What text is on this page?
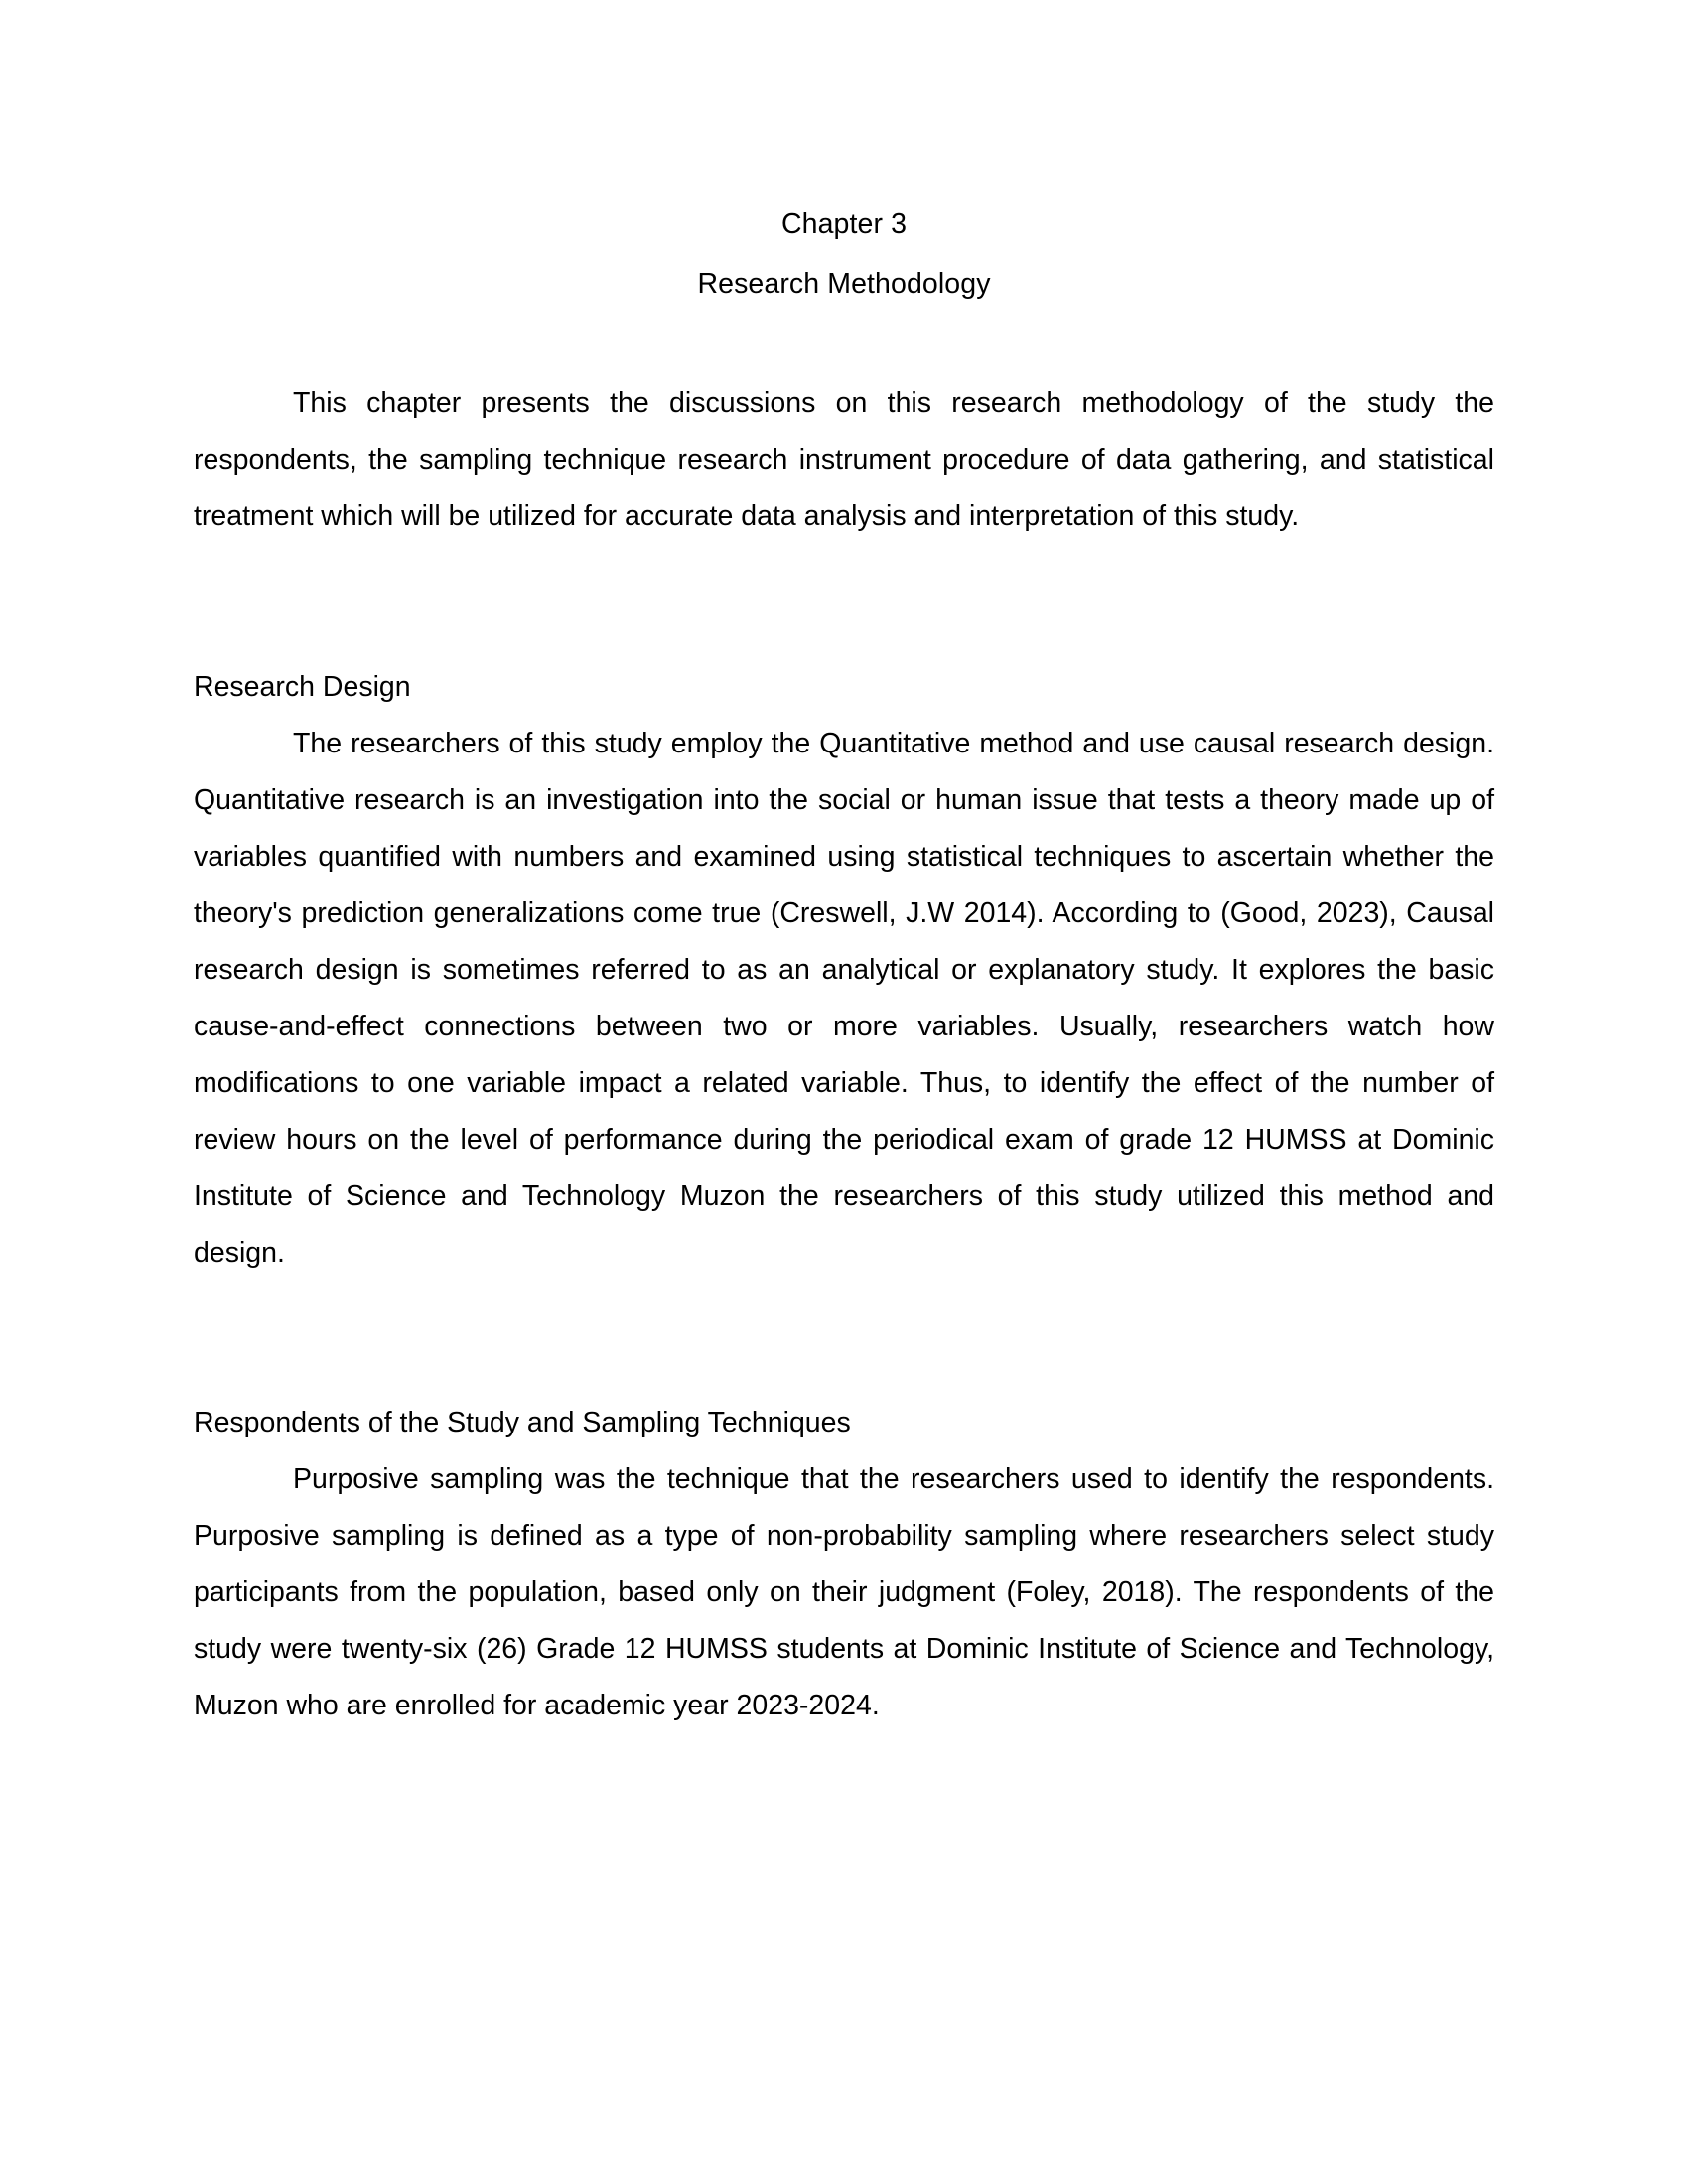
Chapter 3
Research Methodology

This chapter presents the discussions on this research methodology of the study the respondents, the sampling technique research instrument procedure of data gathering, and statistical treatment which will be utilized for accurate data analysis and interpretation of this study.

Research Design

The researchers of this study employ the Quantitative method and use causal research design. Quantitative research is an investigation into the social or human issue that tests a theory made up of variables quantified with numbers and examined using statistical techniques to ascertain whether the theory's prediction generalizations come true (Creswell, J.W 2014). According to (Good, 2023), Causal research design is sometimes referred to as an analytical or explanatory study. It explores the basic cause-and-effect connections between two or more variables. Usually, researchers watch how modifications to one variable impact a related variable. Thus, to identify the effect of the number of review hours on the level of performance during the periodical exam of grade 12 HUMSS at Dominic Institute of Science and Technology Muzon the researchers of this study utilized this method and design.

Respondents of the Study and Sampling Techniques

Purposive sampling was the technique that the researchers used to identify the respondents. Purposive sampling is defined as a type of non-probability sampling where researchers select study participants from the population, based only on their judgment (Foley, 2018). The respondents of the study were twenty-six (26) Grade 12 HUMSS students at Dominic Institute of Science and Technology, Muzon who are enrolled for academic year 2023-2024.
